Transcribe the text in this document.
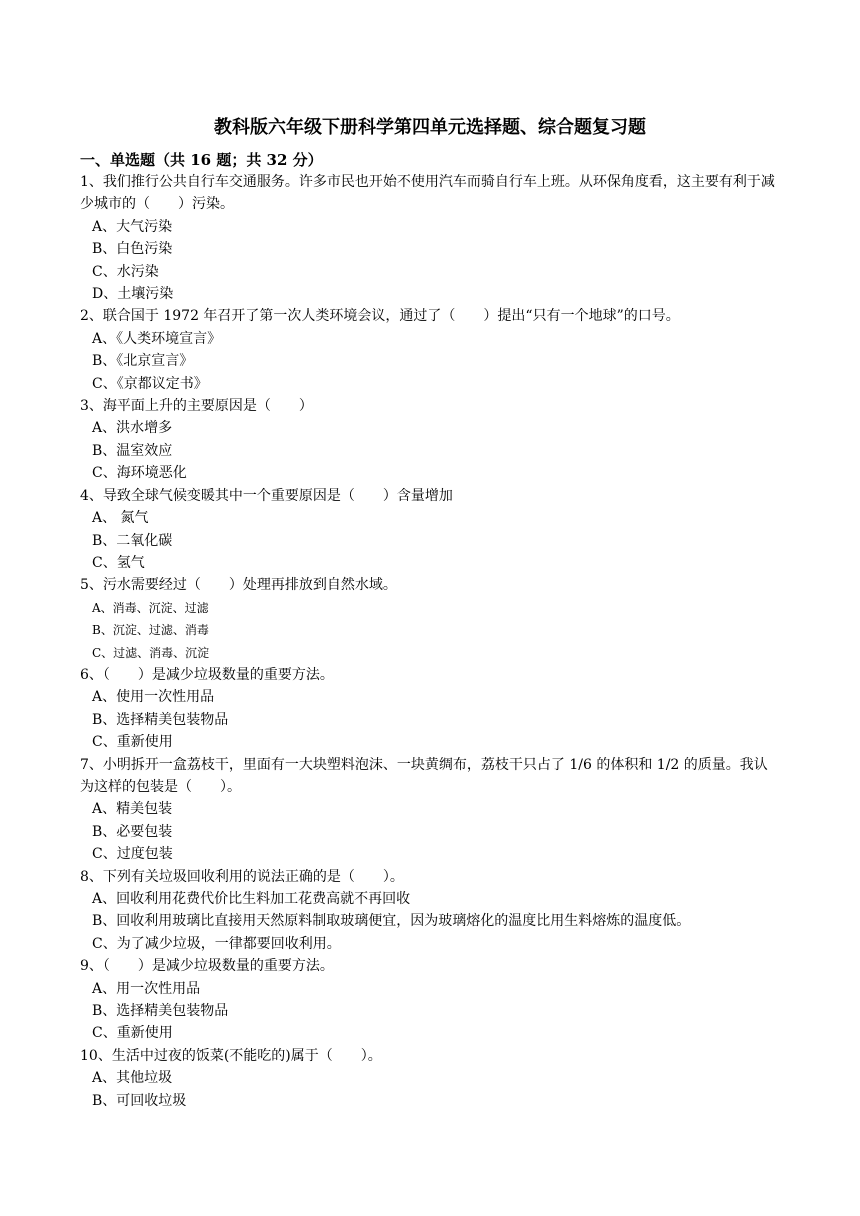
教科版六年级下册科学第四单元选择题、综合题复习题
一、单选题（共 16 题；共 32 分）
1、我们推行公共自行车交通服务。许多市民也开始不使用汽车而骑自行车上班。从环保角度看，这主要有利于减少城市的（　　）污染。
A、大气污染
B、白色污染
C、水污染
D、土壤污染
2、联合国于 1972 年召开了第一次人类环境会议，通过了（　　）提出“只有一个地球”的口号。
A、《人类环境宣言》
B、《北京宣言》
C、《京都议定书》
3、海平面上升的主要原因是（　　）
A、洪水增多
B、温室效应
C、海环境恶化
4、导致全球气候变暖其中一个重要原因是（　　）含量增加
A、 氮气
B、二氧化碳
C、氢气
5、污水需要经过（　　）处理再排放到自然水域。
A、消毒、沉淀、过滤
B、沉淀、过滤、消毒
C、过滤、消毒、沉淀
6、（　　）是减少垃圾数量的重要方法。
A、使用一次性用品
B、选择精美包装物品
C、重新使用
7、小明拆开一盒荔枝干，里面有一大块塑料泡沫、一块黄绸布，荔枝干只占了 1/6 的体积和 1/2 的质量。我认为这样的包装是（　　）。
A、精美包装
B、必要包装
C、过度包装
8、下列有关垃圾回收利用的说法正确的是（　　）。
A、回收利用花费代价比生料加工花费高就不再回收
B、回收利用玻璃比直接用天然原料制取玻璃便宜，因为玻璃熔化的温度比用生料熔炼的温度低。
C、为了减少垃圾，一律都要回收利用。
9、（　　）是减少垃圾数量的重要方法。
A、用一次性用品
B、选择精美包装物品
C、重新使用
10、生活中过夜的饭菜(不能吃的)属于（　　）。
A、其他垃圾
B、可回收垃圾
